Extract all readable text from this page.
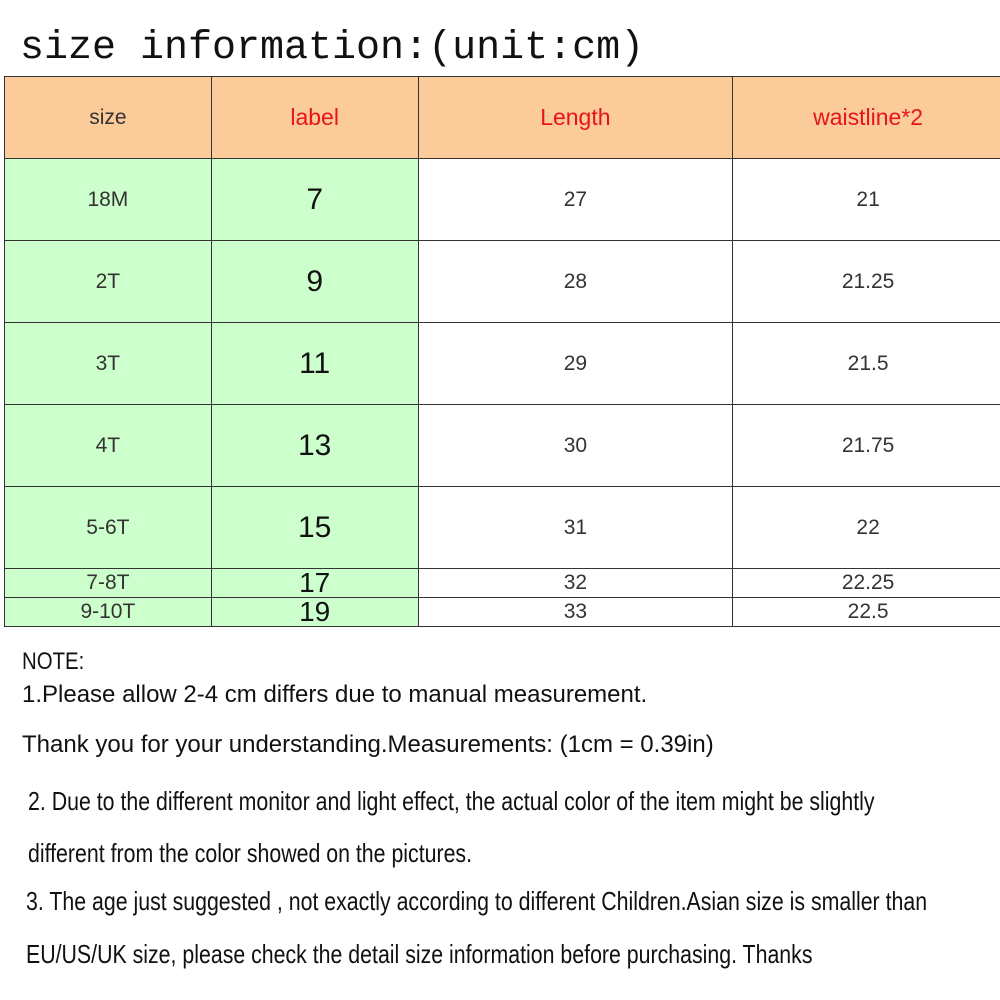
size information:(unit:cm)
size	label	Length	waistline*2
18M	7	27	21
2T	9	28	21.25
3T	11	29	21.5
4T	13	30	21.75
5-6T	15	31	22
7-8T	17	32	22.25
9-10T	19	33	22.5
NOTE:
1.Please allow 2-4 cm differs due to manual measurement.
Thank you for your understanding.Measurements: (1cm = 0.39in)
2. Due to the different monitor and light effect, the actual color of the item might be slightly
different from the color showed on the pictures.
3. The age just suggested , not exactly according to different Children.Asian size is smaller than
EU/US/UK size, please check the detail size information before purchasing. Thanks
